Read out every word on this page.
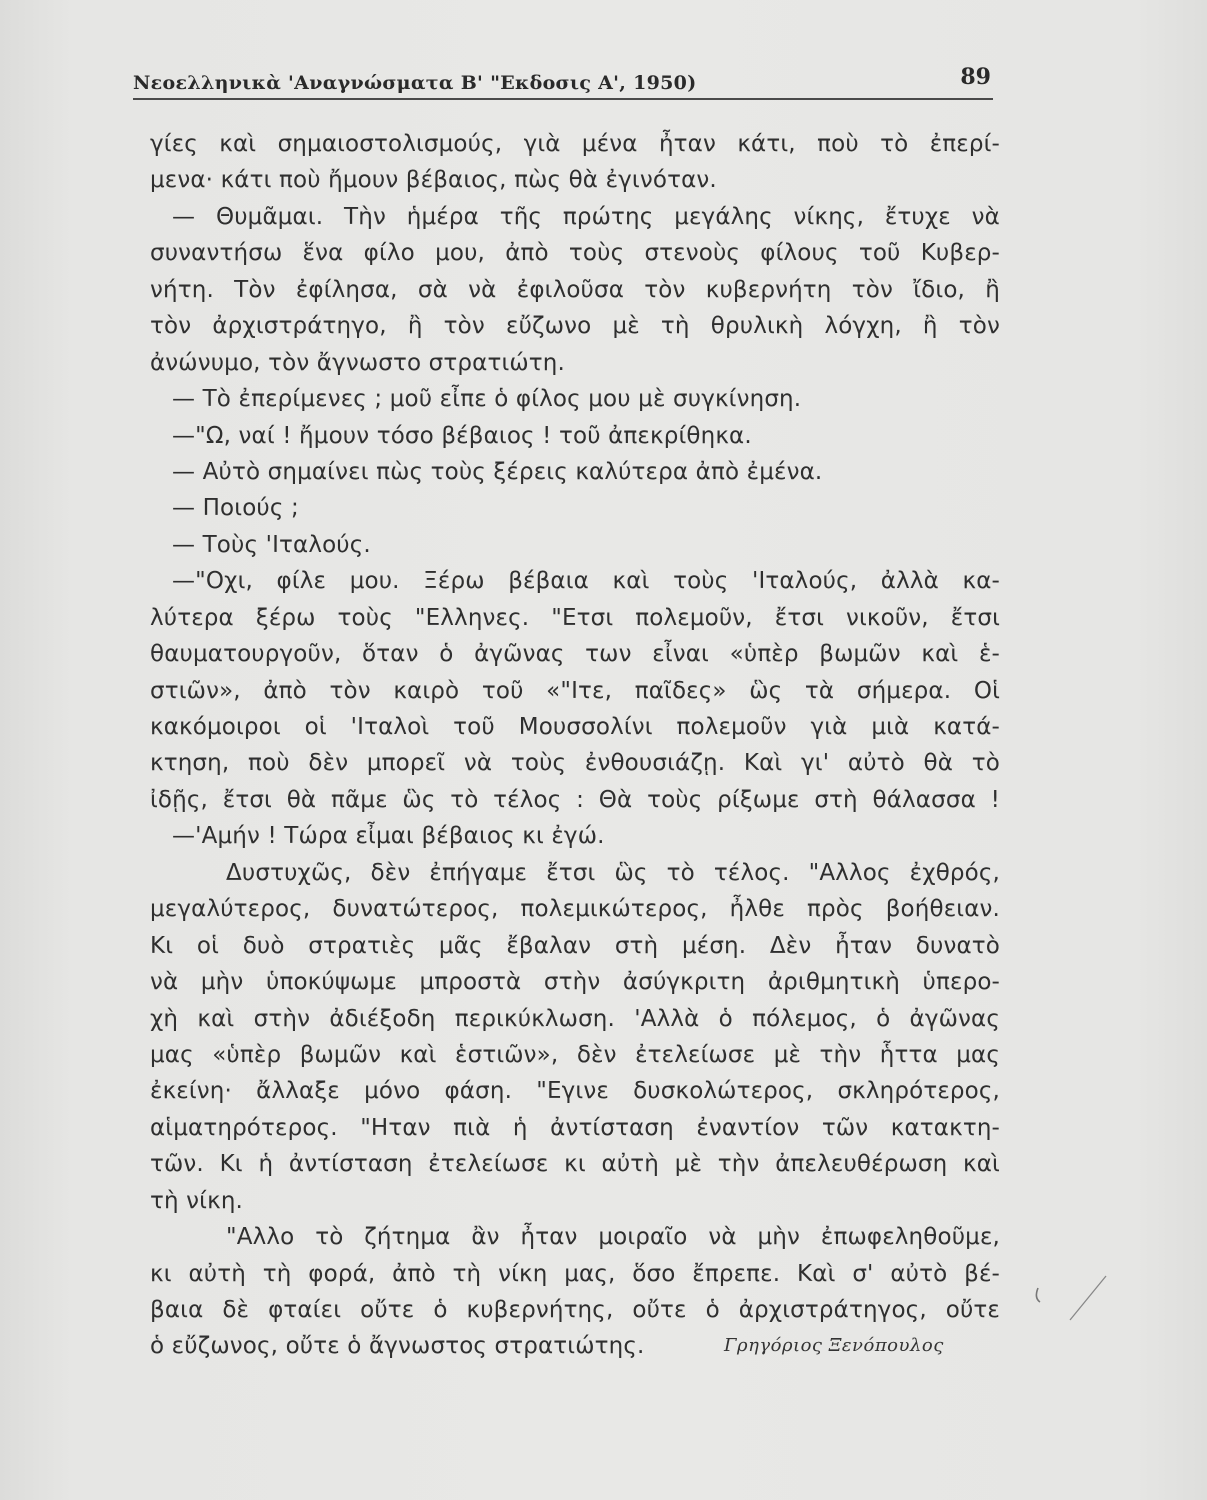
Νεοελληνικὰ 'Αναγνώσματα Β' "Εκδοσις Α', 1950)	89
γίες καὶ σημαιοστολισμούς, γιὰ μένα ἦταν κάτι, ποὺ τὸ ἐπερί-
μενα· κάτι ποὺ ἤμουν βέβαιος, πὼς θὰ ἐγινόταν.
— Θυμᾶμαι. Τὴν ἡμέρα τῆς πρώτης μεγάλης νίκης, ἔτυχε νὰ
συναντήσω ἕνα φίλο μου, ἀπὸ τοὺς στενοὺς φίλους τοῦ Κυβερ-
νήτη. Τὸν ἐφίλησα, σὰ νὰ ἐφιλοῦσα τὸν κυβερνήτη τὸν ἴδιο, ἢ
τὸν ἀρχιστράτηγο, ἢ τὸν εὔζωνο μὲ τὴ θρυλικὴ λόγχη, ἢ τὸν
ἀνώνυμο, τὸν ἄγνωστο στρατιώτη.
— Τὸ ἐπερίμενες ; μοῦ εἶπε ὁ φίλος μου μὲ συγκίνηση.
—"Ω, ναί ! ἤμουν τόσο βέβαιος ! τοῦ ἀπεκρίθηκα.
— Αὐτὸ σημαίνει πὼς τοὺς ξέρεις καλύτερα ἀπὸ ἐμένα.
— Ποιούς ;
— Τοὺς 'Ιταλούς.
—"Οχι, φίλε μου. Ξέρω βέβαια καὶ τοὺς 'Ιταλούς, ἀλλὰ κα-
λύτερα ξέρω τοὺς "Ελληνες. "Ετσι πολεμοῦν, ἔτσι νικοῦν, ἔτσι
θαυματουργοῦν, ὅταν ὁ ἀγῶνας των εἶναι «ὑπὲρ βωμῶν καὶ ἑ-
στιῶν», ἀπὸ τὸν καιρὸ τοῦ «"Ιτε, παῖδες» ὣς τὰ σήμερα. Οἱ
κακόμοιροι οἱ 'Ιταλοὶ τοῦ Μουσσολίνι πολεμοῦν γιὰ μιὰ κατά-
κτηση, ποὺ δὲν μπορεῖ νὰ τοὺς ἐνθουσιάζῃ. Καὶ γι' αὐτὸ θὰ τὸ
ἰδῇς, ἔτσι θὰ πᾶμε ὣς τὸ τέλος : Θὰ τοὺς ρίξωμε στὴ θάλασσα !
—'Αμήν ! Τώρα εἶμαι βέβαιος κι ἐγώ.
Δυστυχῶς, δὲν ἐπήγαμε ἔτσι ὣς τὸ τέλος. "Αλλος ἐχθρός,
μεγαλύτερος, δυνατώτερος, πολεμικώτερος, ἦλθε πρὸς βοήθειαν.
Κι οἱ δυὸ στρατιὲς μᾶς ἔβαλαν στὴ μέση. Δὲν ἦταν δυνατὸ
νὰ μὴν ὑποκύψωμε μπροστὰ στὴν ἀσύγκριτη ἀριθμητικὴ ὑπερο-
χὴ καὶ στὴν ἀδιέξοδη περικύκλωση. 'Αλλὰ ὁ πόλεμος, ὁ ἀγῶνας
μας «ὑπὲρ βωμῶν καὶ ἑστιῶν», δὲν ἐτελείωσε μὲ τὴν ἧττα μας
ἐκείνη· ἄλλαξε μόνο φάση. "Εγινε δυσκολώτερος, σκληρότερος,
αἱματηρότερος. "Ηταν πιὰ ἡ ἀντίσταση ἐναντίον τῶν κατακτη-
τῶν. Κι ἡ ἀντίσταση ἐτελείωσε κι αὐτὴ μὲ τὴν ἀπελευθέρωση καὶ
τὴ νίκη.
"Αλλο τὸ ζήτημα ἂν ἦταν μοιραῖο νὰ μὴν ἐπωφεληθοῦμε,
κι αὐτὴ τὴ φορά, ἀπὸ τὴ νίκη μας, ὅσο ἔπρεπε. Καὶ σ' αὐτὸ βέ-
βαια δὲ φταίει οὔτε ὁ κυβερνήτης, οὔτε ὁ ἀρχιστράτηγος, οὔτε
ὁ εὔζωνος, οὔτε ὁ ἄγνωστος στρατιώτης.	Γρηγόριος Ξενόπουλος
